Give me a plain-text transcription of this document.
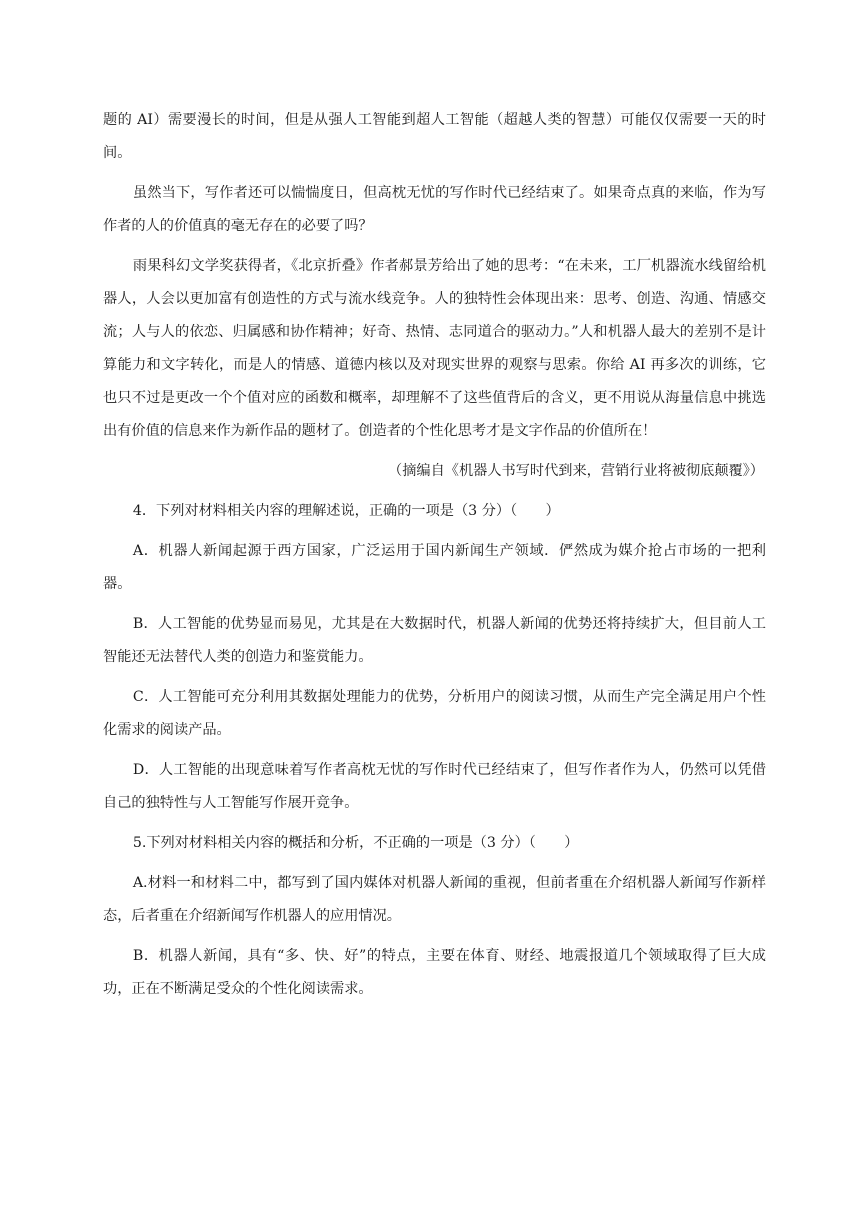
题的 AI）需要漫长的时间，但是从强人工智能到超人工智能（超越人类的智慧）可能仅仅需要一天的时间。

虽然当下，写作者还可以惴惴度日，但高枕无忧的写作时代已经结束了。如果奇点真的来临，作为写作者的人的价值真的毫无存在的必要了吗？

雨果科幻文学奖获得者，《北京折叠》作者郝景芳给出了她的思考：“在未来，工厂机器流水线留给机器人，人会以更加富有创造性的方式与流水线竞争。人的独特性会体现出来：思考、创造、沟通、情感交流；人与人的依恋、归属感和协作精神；好奇、热情、志同道合的驱动力。”人和机器人最大的差别不是计算能力和文字转化，而是人的情感、道德内核以及对现实世界的观察与思索。你给 AI 再多次的训练，它也只不过是更改一个个值对应的函数和概率，却理解不了这些值背后的含义，更不用说从海量信息中挑选出有价值的信息来作为新作品的题材了。创造者的个性化思考才是文字作品的价值所在！

（摘编自《机器人书写时代到来，营销行业将被彻底颠覆》）

4．下列对材料相关内容的理解述说，正确的一项是（3 分）（　　）

A．机器人新闻起源于西方国家，广泛运用于国内新闻生产领域．俨然成为媒介抢占市场的一把利器。

B．人工智能的优势显而易见，尤其是在大数据时代，机器人新闻的优势还将持续扩大，但目前人工智能还无法替代人类的创造力和鉴赏能力。

C．人工智能可充分利用其数据处理能力的优势，分析用户的阅读习惯，从而生产完全满足用户个性化需求的阅读产品。

D．人工智能的出现意味着写作者高枕无忧的写作时代已经结束了，但写作者作为人，仍然可以凭借自己的独特性与人工智能写作展开竞争。

5.下列对材料相关内容的概括和分析，不正确的一项是（3 分）（　　）

A.材料一和材料二中，都写到了国内媒体对机器人新闻的重视，但前者重在介绍机器人新闻写作新样态，后者重在介绍新闻写作机器人的应用情况。

B．机器人新闻，具有“多、快、好”的特点，主要在体育、财经、地震报道几个领域取得了巨大成功，正在不断满足受众的个性化阅读需求。
